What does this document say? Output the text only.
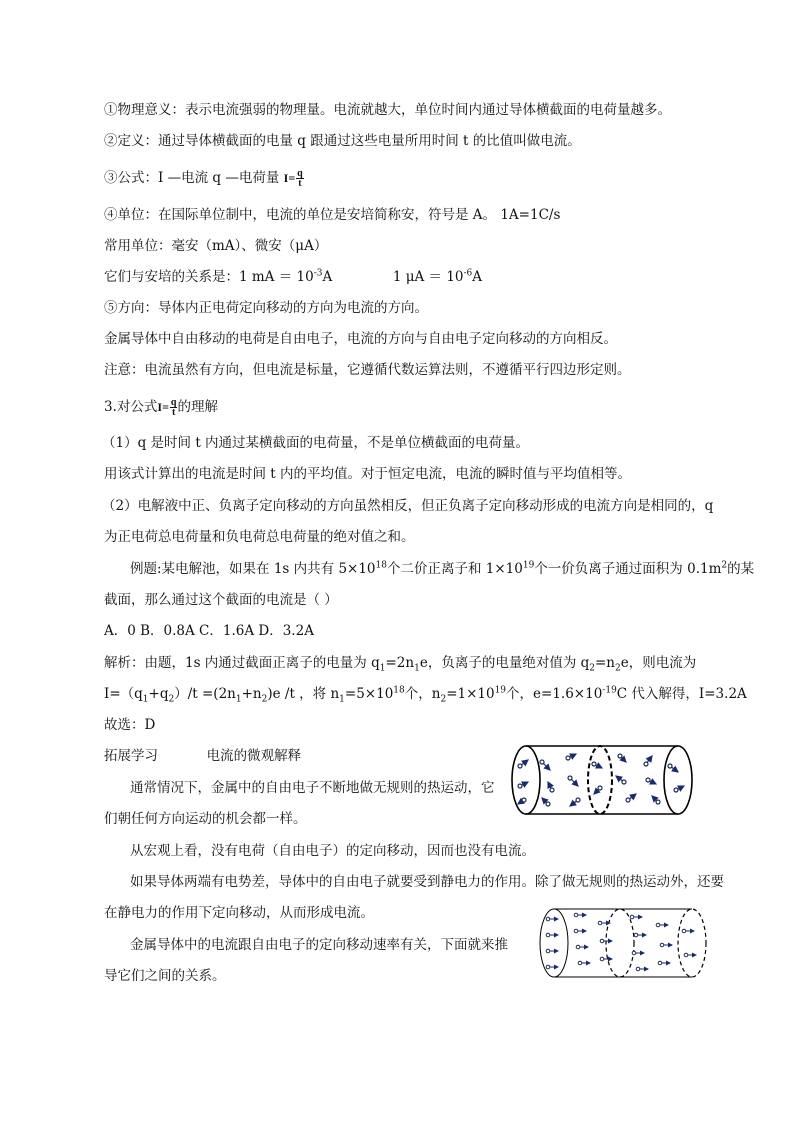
①物理意义：表示电流强弱的物理量。电流就越大，单位时间内通过导体横截面的电荷量越多。
②定义：通过导体横截面的电量 q 跟通过这些电量所用时间 t 的比值叫做电流。
③公式：I —电流 q —电荷量 $I= \frac{q}{t}$
④单位：在国际单位制中，电流的单位是安培简称安，符号是 A。 1A=1C/s
常用单位：毫安（mA）、微安（μA）
它们与安培的关系是：1 mA ＝ $10^{-3}A$	1 $\mu A = 10^{-6}A$
⑤方向：导体内正电荷定向移动的方向为电流的方向。
金属导体中自由移动的电荷是自由电子，电流的方向与自由电子定向移动的方向相反。
注意：电流虽然有方向，但电流是标量，它遵循代数运算法则，不遵循平行四边形定则。
3.对公式$I= \frac{q}{t}$ 的理解
（1）q 是时间 t 内通过某横截面的电荷量，不是单位横截面的电荷量。
用该式计算出的电流是时间 t 内的平均值。对于恒定电流，电流的瞬时值与平均值相等。
（2）电解液中正、负离子定向移动的方向虽然相反，但正负离子定向移动形成的电流方向是相同的，q
为正电荷总电荷量和负电荷总电荷量的绝对值之和。
例题:某电解池，如果在 1s 内共有 $5\times 10^{18}$个二价正离子和 $1\times 10^{19}$个一价负离子通过面积为 $0.1m^2$的某
截面，那么通过这个截面的电流是（ ）
A．0 B．0.8A C．1.6A D．3.2A
解析：由题，1s 内通过截面正离子的电量为 $q_1=2n_1e$，负离子的电量绝对值为 $q_2=n_2e$，则电流为
$I=(q_1+q_2)/t =(2n_1+n_2)e$ /t ，将 $n_1=5\times 10^{18}$个，$n_2=1\times 10^{19}$个，$e=1.6\times 10^{-19}C$ 代入解得，I=3.2A
故选：D
拓展学习	电流的微观解释
通常情况下，金属中的自由电子不断地做无规则的热运动，它
们朝任何方向运动的机会都一样。
从宏观上看，没有电荷（自由电子）的定向移动，因而也没有电流。
如果导体两端有电势差，导体中的自由电子就要受到静电力的作用。除了做无规则的热运动外，还要
在静电力的作用下定向移动，从而形成电流。
金属导体中的电流跟自由电子的定向移动速率有关，下面就来推
导它们之间的关系。
